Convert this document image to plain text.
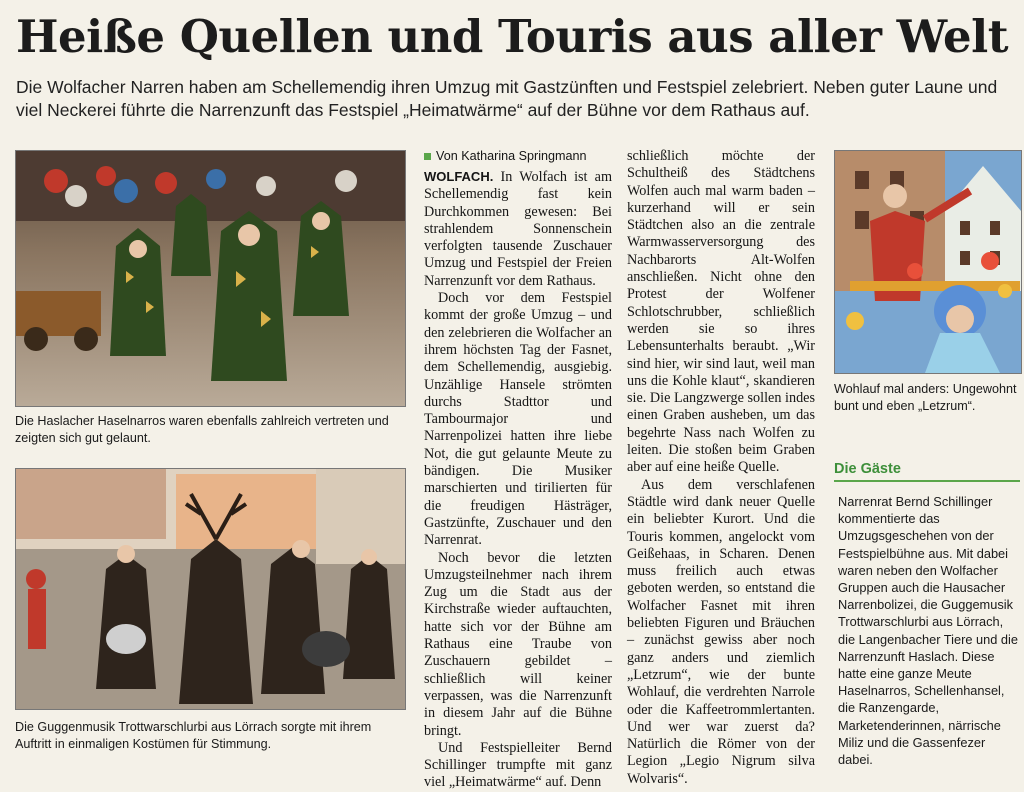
Heiße Quellen und Touris aus aller Welt
Die Wolfacher Narren haben am Schellemendig ihren Umzug mit Gastzünften und Festspiel zelebriert. Neben guter Laune und viel Neckerei führte die Narrenzunft das Festspiel „Heimatwärme“ auf der Bühne vor dem Rathaus auf.
Die Haslacher Haselnarros waren ebenfalls zahlreich vertreten und zeigten sich gut gelaunt.
Die Guggenmusik Trottwarschlurbi aus Lörrach sorgte mit ihrem Auftritt in einmaligen Kostümen für Stimmung.
Von Katharina Springmann

WOLFACH. In Wolfach ist am Schellemendig fast kein Durchkommen gewesen: Bei strahlendem Sonnenschein verfolgten tausende Zuschauer Umzug und Festspiel der Freien Narrenzunft vor dem Rathaus.

Doch vor dem Festspiel kommt der große Umzug – und den zelebrieren die Wolfacher an ihrem höchsten Tag der Fasnet, dem Schellemendig, ausgiebig. Unzählige Hansele strömten durchs Stadttor und Tambourmajor und Narrenpolizei hatten ihre liebe Not, die gut gelaunte Meute zu bändigen. Die Musiker marschierten und tirilierten für die freudigen Hästräger, Gastzünfte, Zuschauer und den Narrenrat.

Noch bevor die letzten Umzugsteilnehmer nach ihrem Zug um die Stadt aus der Kirchstraße wieder auftauchten, hatte sich vor der Bühne am Rathaus eine Traube von Zuschauern gebildet – schließlich will keiner verpassen, was die Narrenzunft in diesem Jahr auf die Bühne bringt.

Und Festspielleiter Bernd Schillinger trumpfte mit ganz viel „Heimatwärme“ auf. Denn

schließlich möchte der Schultheiß des Städtchens Wolfen auch mal warm baden – kurzerhand will er sein Städtchen also an die zentrale Warmwasserversorgung des Nachbarorts Alt-Wolfen anschließen. Nicht ohne den Protest der Wolfener Schlotschrubber, schließlich werden sie so ihres Lebensunterhalts beraubt. „Wir sind hier, wir sind laut, weil man uns die Kohle klaut“, skandieren sie. Die Langzwerge sollen indes einen Graben ausheben, um das begehrte Nass nach Wolfen zu leiten. Die stoßen beim Graben aber auf eine heiße Quelle.

Aus dem verschlafenen Städtle wird dank neuer Quelle ein beliebter Kurort. Und die Touris kommen, angelockt vom Geißehaas, in Scharen. Denen muss freilich auch etwas geboten werden, so entstand die Wolfacher Fasnet mit ihren beliebten Figuren und Bräuchen – zunächst gewiss aber noch ganz anders und ziemlich „Letzrum“, wie der bunte Wohlauf, die verdrehten Narrole oder die Kaffeetrommlertanten. Und wer war zuerst da? Natürlich die Römer von der Legion „Legio Nigrum silva Wolvaris“.

Wohlauf mal anders: Ungewohnt bunt und eben „Letzrum“.
Die Gäste
Narrenrat Bernd Schillinger kommentierte das Umzugsgeschehen von der Festspielbühne aus. Mit dabei waren neben den Wolfacher Gruppen auch die Hausacher Narrenbolizei, die Guggemusik Trottwarschlurbi aus Lörrach, die Langenbacher Tiere und die Narrenzunft Haslach. Diese hatte eine ganze Meute Haselnarros, Schellenhansel, die Ranzengarde, Marketenderinnen, närrische Miliz und die Gassenfezer dabei.
